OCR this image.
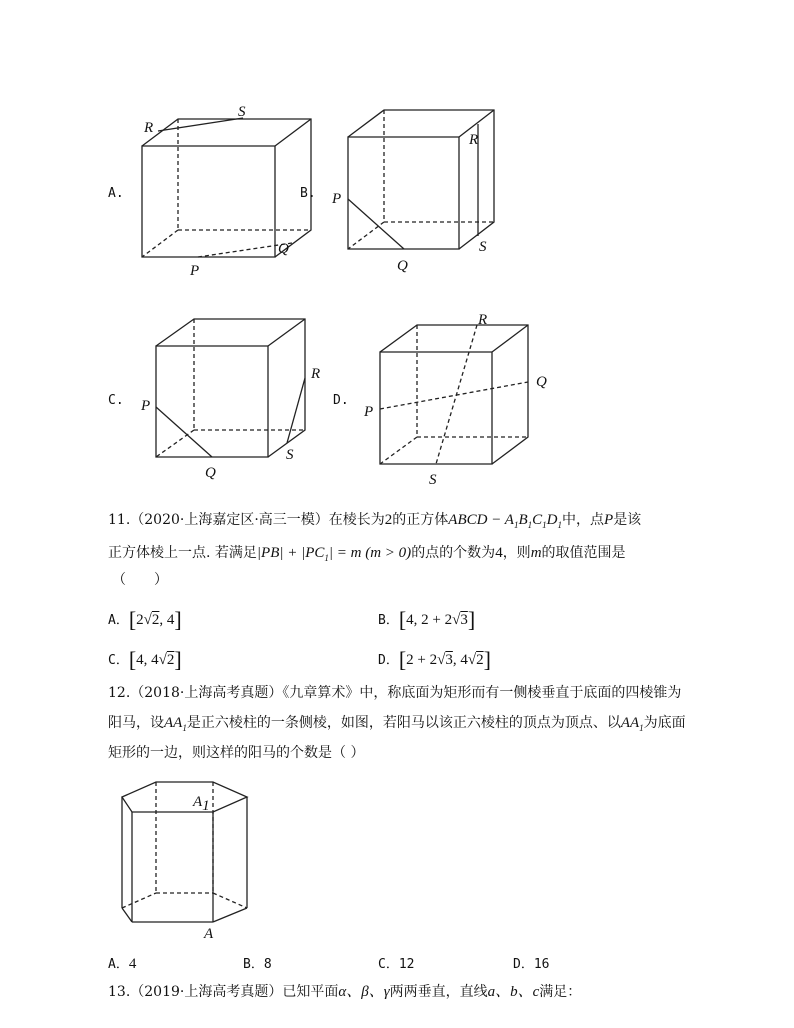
A.
R
S
P
Q
B. P
Q
R
S
C. P
Q
R
S
D.
P
Q
R
S
11.（2020·上海嘉定区·高三一模）在棱长为2的正方体ABCD − $A_1B_1C_1D_1$中，点P是该
正方体棱上一点. 若满足$|PB| + |PC_1| = m$ (m > 0)的点的个数为4，则m的取值范围是
（　　）
A．[2√2, 4]	B．[4, 2 + 2√3]
C．[4, 4√2]	D．[2 + 2√3, 4√2]
12.（2018·上海高考真题）《九章算术》中，称底面为矩形而有一侧棱垂直于底面的四棱锥为
阳马，设$AA_1$是正六棱柱的一条侧棱，如图，若阳马以该正六棱柱的顶点为顶点、以$AA_1$为底面
矩形的一边，则这样的阳马的个数是（ ）
A1
A
A．4	B．8	C．12	D．16
13.（2019·上海高考真题）已知平面α、β、γ两两垂直，直线a、b、c满足：
